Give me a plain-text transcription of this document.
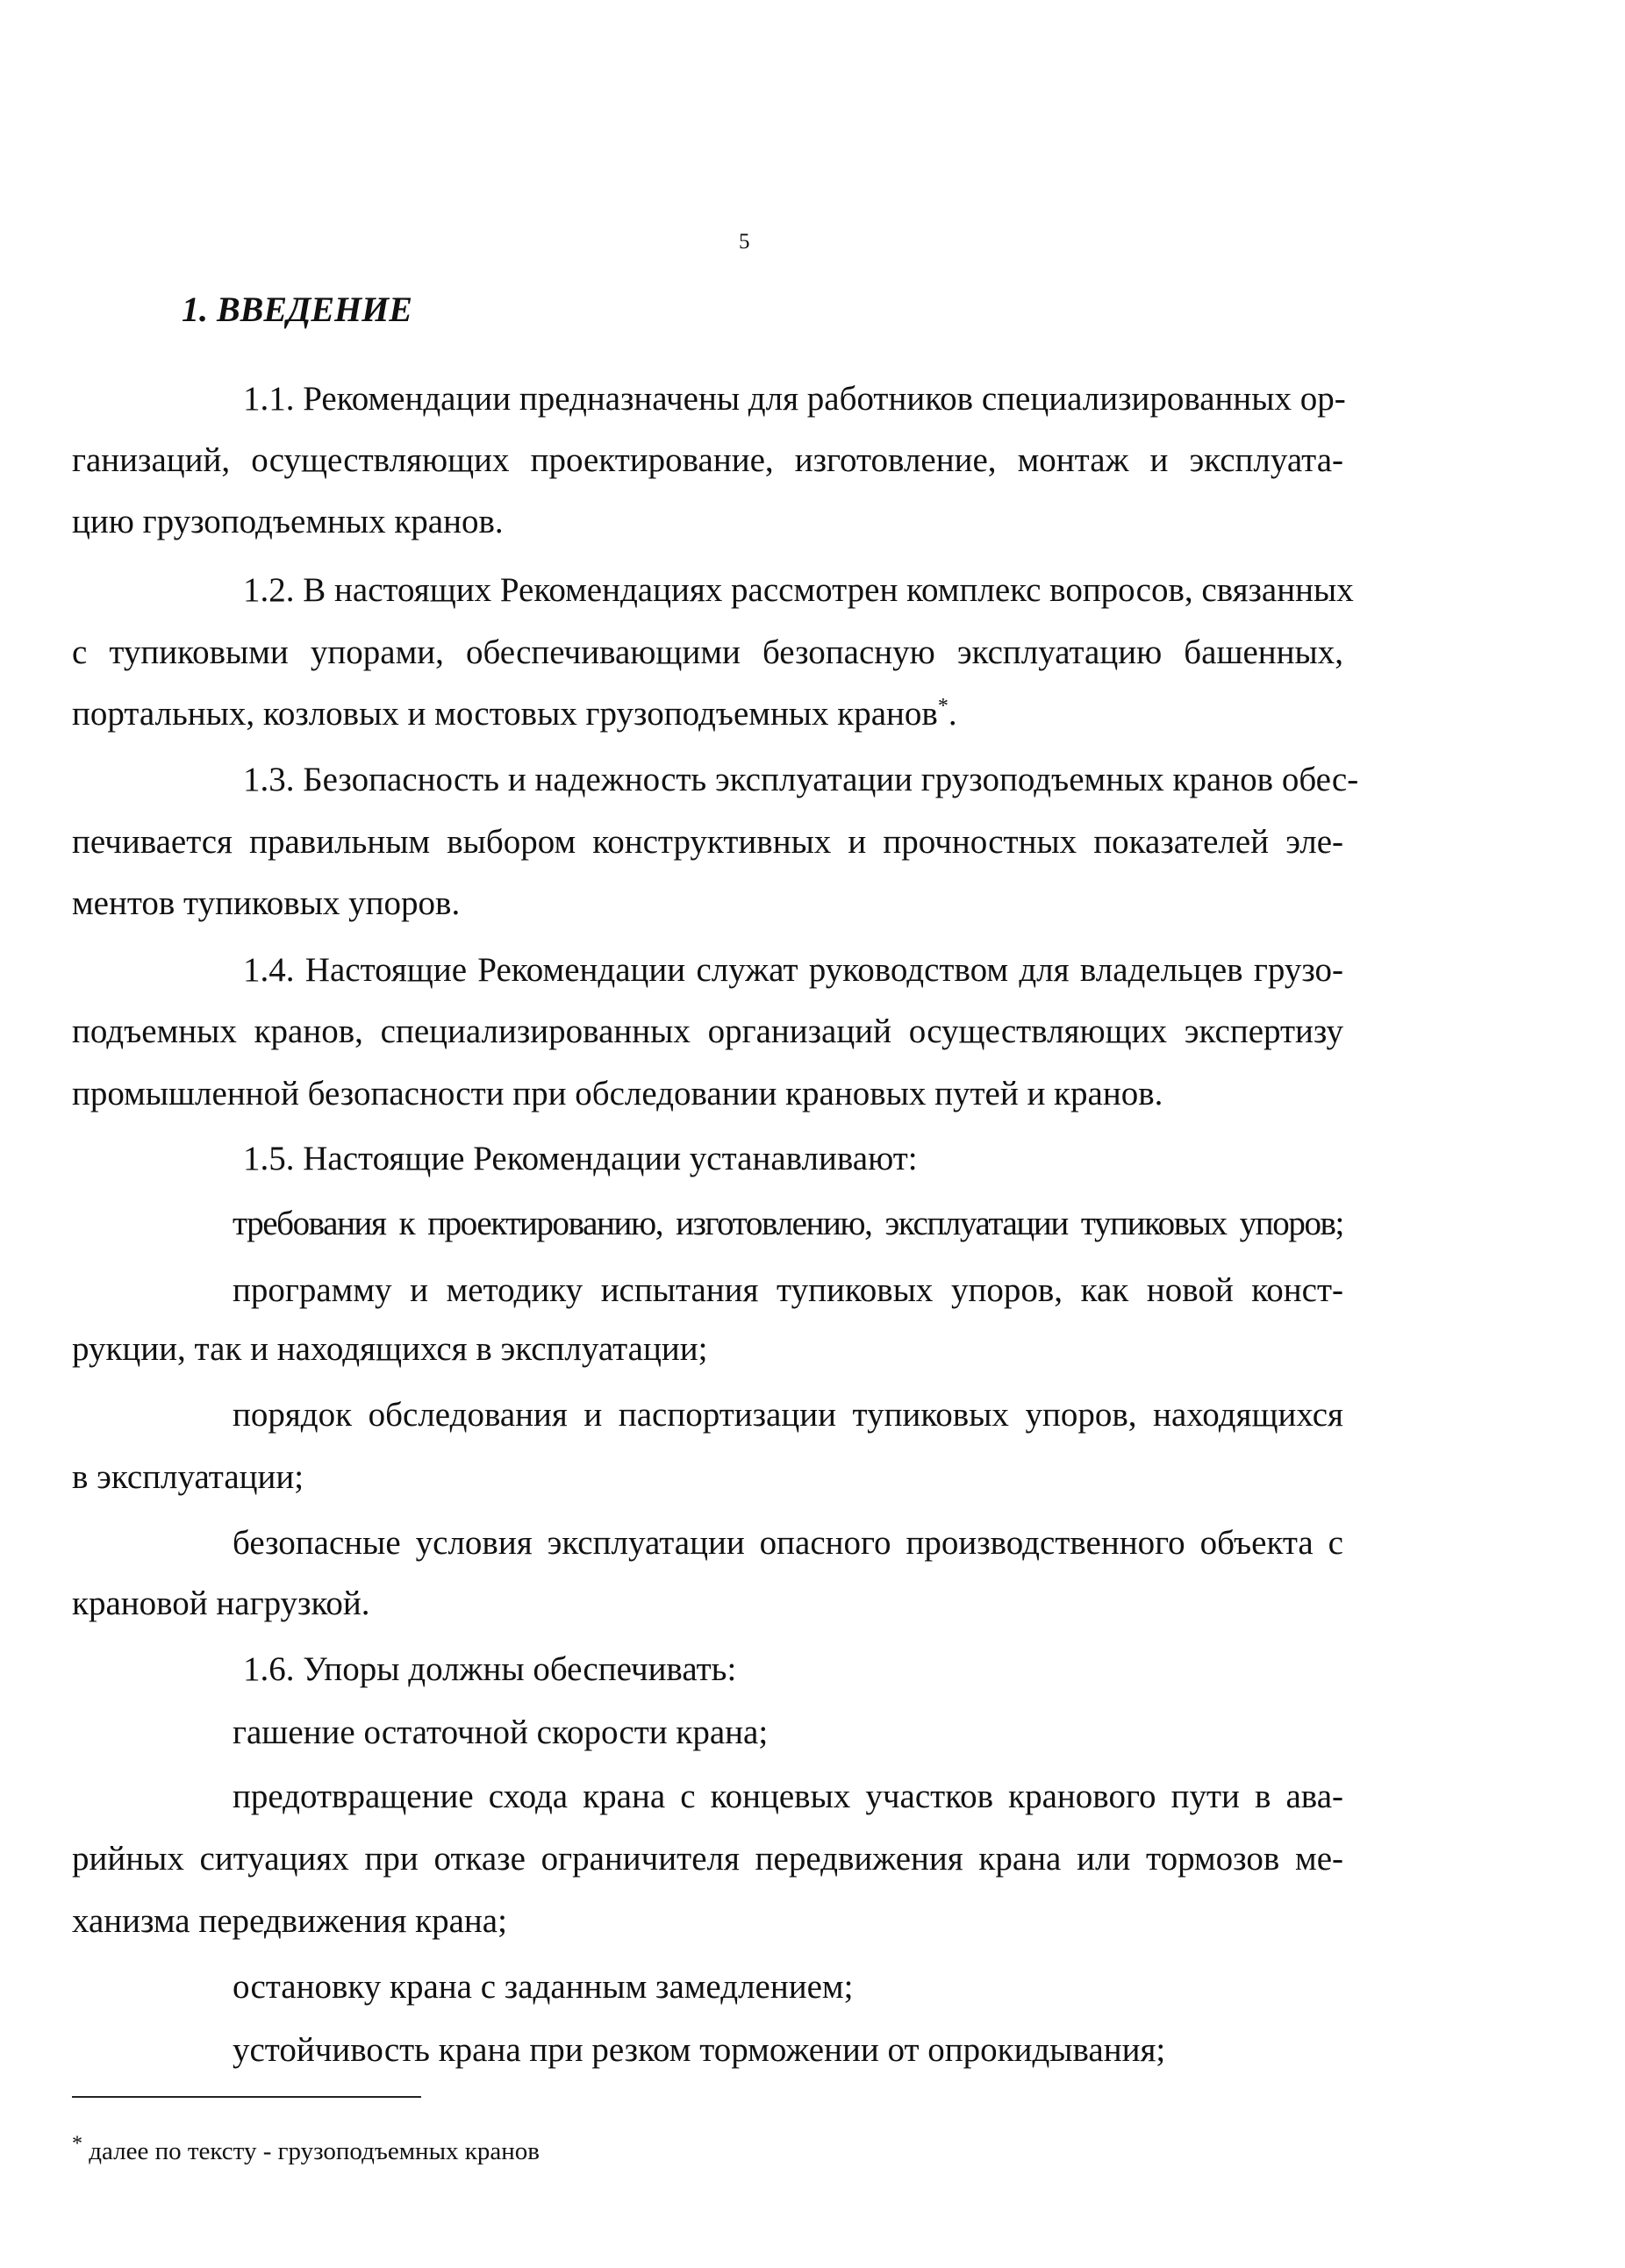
5
1. ВВЕДЕНИЕ
1.1. Рекомендации предназначены для работников специализированных ор-
ганизаций, осуществляющих проектирование, изготовление, монтаж и эксплуата-
цию грузоподъемных кранов.
1.2. В настоящих Рекомендациях рассмотрен комплекс вопросов, связанных
с тупиковыми упорами, обеспечивающими безопасную эксплуатацию башенных,
портальных, козловых и мостовых грузоподъемных кранов*.
1.3. Безопасность и надежность эксплуатации грузоподъемных кранов обес-
печивается правильным выбором конструктивных и прочностных показателей эле-
ментов тупиковых упоров.
1.4. Настоящие Рекомендации служат руководством для владельцев грузо-
подъемных кранов, специализированных организаций осуществляющих экспертизу
промышленной безопасности при обследовании крановых путей и кранов.
1.5. Настоящие Рекомендации устанавливают:
требования к проектированию, изготовлению, эксплуатации тупиковых упоров;
программу и методику испытания тупиковых упоров, как новой конст-
рукции, так и находящихся в эксплуатации;
порядок обследования и паспортизации тупиковых упоров, находящихся
в эксплуатации;
безопасные условия эксплуатации опасного производственного объекта с
крановой нагрузкой.
1.6. Упоры должны обеспечивать:
гашение остаточной скорости крана;
предотвращение схода крана с концевых участков кранового пути в ава-
рийных ситуациях при отказе ограничителя передвижения крана или тормозов ме-
ханизма передвижения крана;
остановку крана с заданным замедлением;
устойчивость крана при резком торможении от опрокидывания;
* далее по тексту - грузоподъемных кранов
